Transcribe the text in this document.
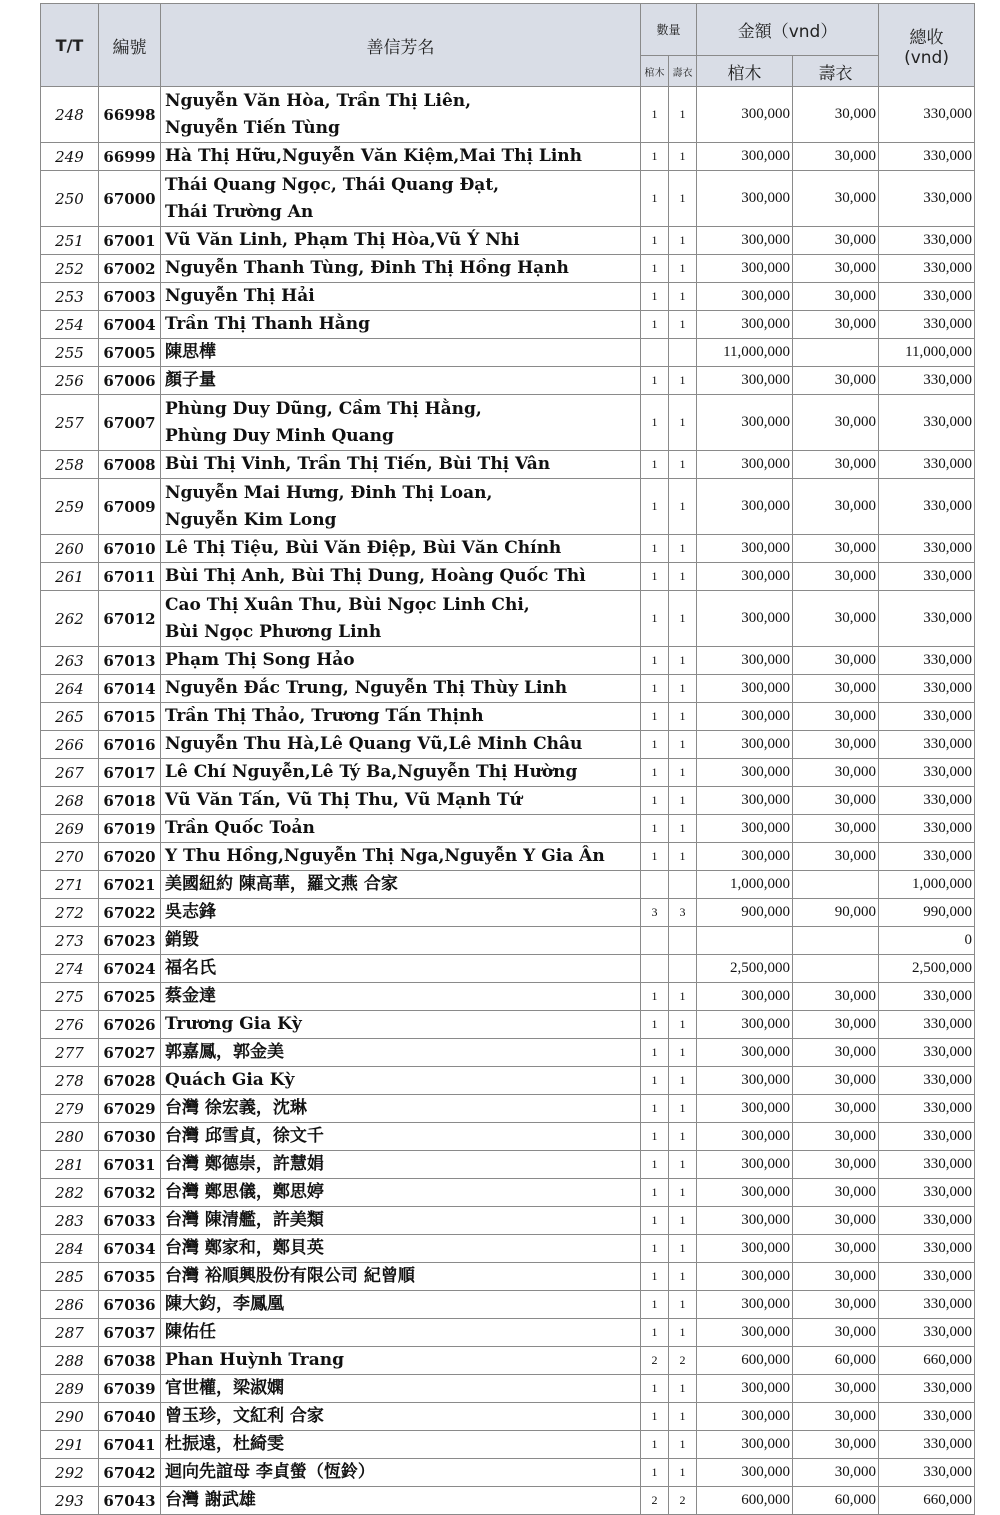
T/T	編號	善信芳名	數量		金額（vnd）		總收
(vnd)

			棺木	壽衣	棺木	壽衣	
248	66998	Nguyễn Văn Hòa, Trần Thị Liên,
Nguyễn Tiến Tùng	1	1	300,000	30,000	330,000
249	66999	Hà Thị Hữu,Nguyễn Văn Kiệm,Mai Thị Linh	1	1	300,000	30,000	330,000
250	67000	Thái Quang Ngọc, Thái Quang Đạt,
Thái Trường An	1	1	300,000	30,000	330,000
251	67001	Vũ Văn Linh, Phạm Thị Hòa,Vũ Ý Nhi	1	1	300,000	30,000	330,000
252	67002	Nguyễn Thanh Tùng, Đinh Thị Hồng Hạnh	1	1	300,000	30,000	330,000
253	67003	Nguyễn Thị Hải	1	1	300,000	30,000	330,000
254	67004	Trần Thị Thanh Hằng	1	1	300,000	30,000	330,000
255	67005	陳思樺			11,000,000		11,000,000
256	67006	顏子量	1	1	300,000	30,000	330,000
257	67007	Phùng Duy Dũng, Cầm Thị Hằng,
Phùng Duy Minh Quang	1	1	300,000	30,000	330,000
258	67008	Bùi Thị Vinh, Trần Thị Tiến, Bùi Thị Vân	1	1	300,000	30,000	330,000
259	67009	Nguyễn Mai Hưng, Đinh Thị Loan,
Nguyễn Kim Long	1	1	300,000	30,000	330,000
260	67010	Lê Thị Tiệu, Bùi Văn Điệp, Bùi Văn Chính	1	1	300,000	30,000	330,000
261	67011	Bùi Thị Anh, Bùi Thị Dung, Hoàng Quốc Thì	1	1	300,000	30,000	330,000
262	67012	Cao Thị Xuân Thu, Bùi Ngọc Linh Chi,
Bùi Ngọc Phương Linh	1	1	300,000	30,000	330,000
263	67013	Phạm Thị Song Hảo	1	1	300,000	30,000	330,000
264	67014	Nguyễn Đắc Trung, Nguyễn Thị Thùy Linh	1	1	300,000	30,000	330,000
265	67015	Trần Thị Thảo, Trương Tấn Thịnh	1	1	300,000	30,000	330,000
266	67016	Nguyễn Thu Hà,Lê Quang Vũ,Lê Minh Châu	1	1	300,000	30,000	330,000
267	67017	Lê Chí Nguyễn,Lê Tý Ba,Nguyễn Thị Hường	1	1	300,000	30,000	330,000
268	67018	Vũ Văn Tấn, Vũ Thị Thu, Vũ Mạnh Tứ	1	1	300,000	30,000	330,000
269	67019	Trần Quốc Toản	1	1	300,000	30,000	330,000
270	67020	Y Thu Hồng,Nguyễn Thị Nga,Nguyễn Y Gia Ân	1	1	300,000	30,000	330,000
271	67021	美國紐約 陳高華，羅文燕 合家			1,000,000		1,000,000
272	67022	吳志鋒	3	3	900,000	90,000	990,000
273	67023	銷毀					0
274	67024	福名氏			2,500,000		2,500,000
275	67025	蔡金達	1	1	300,000	30,000	330,000
276	67026	Trương Gia Kỳ	1	1	300,000	30,000	330,000
277	67027	郭嘉鳳，郭金美	1	1	300,000	30,000	330,000
278	67028	Quách Gia Kỳ	1	1	300,000	30,000	330,000
279	67029	台灣 徐宏義，沈琳	1	1	300,000	30,000	330,000
280	67030	台灣 邱雪貞，徐文千	1	1	300,000	30,000	330,000
281	67031	台灣 鄭德崇，許慧娟	1	1	300,000	30,000	330,000
282	67032	台灣 鄭思儀，鄭思婷	1	1	300,000	30,000	330,000
283	67033	台灣 陳清艦，許美類	1	1	300,000	30,000	330,000
284	67034	台灣 鄭家和，鄭貝英	1	1	300,000	30,000	330,000
285	67035	台灣 裕順興股份有限公司 紀曾順	1	1	300,000	30,000	330,000
286	67036	陳大鈞，李鳳凰	1	1	300,000	30,000	330,000
287	67037	陳佑任	1	1	300,000	30,000	330,000
288	67038	Phan Huỳnh Trang	2	2	600,000	60,000	660,000
289	67039	官世權，梁淑嫻	1	1	300,000	30,000	330,000
290	67040	曾玉珍，文紅利 合家	1	1	300,000	30,000	330,000
291	67041	杜振遠，杜綺雯	1	1	300,000	30,000	330,000
292	67042	迴向先誼母 李貞螢（恆鈴）	1	1	300,000	30,000	330,000
293	67043	台灣 謝武雄	2	2	600,000	60,000	660,000
